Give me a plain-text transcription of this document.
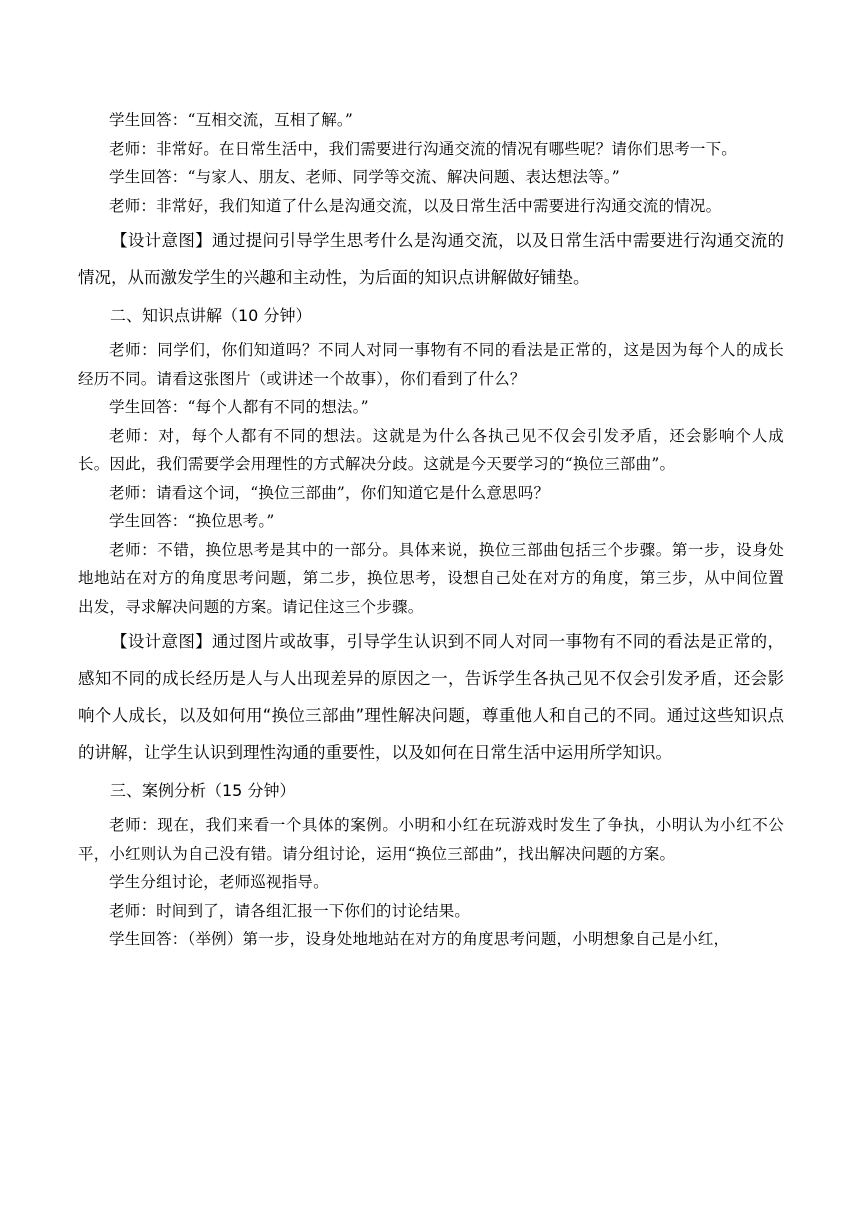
学生回答：“互相交流，互相了解。”

老师：非常好。在日常生活中，我们需要进行沟通交流的情况有哪些呢？请你们思考一下。

学生回答：“与家人、朋友、老师、同学等交流、解决问题、表达想法等。”

老师：非常好，我们知道了什么是沟通交流，以及日常生活中需要进行沟通交流的情况。

【设计意图】通过提问引导学生思考什么是沟通交流，以及日常生活中需要进行沟通交流的情况，从而激发学生的兴趣和主动性，为后面的知识点讲解做好铺垫。

二、知识点讲解（10 分钟）

老师：同学们，你们知道吗？不同人对同一事物有不同的看法是正常的，这是因为每个人的成长经历不同。请看这张图片（或讲述一个故事），你们看到了什么？

学生回答：“每个人都有不同的想法。”

老师：对，每个人都有不同的想法。这就是为什么各执己见不仅会引发矛盾，还会影响个人成长。因此，我们需要学会用理性的方式解决分歧。这就是今天要学习的“换位三部曲”。

老师：请看这个词，“换位三部曲”，你们知道它是什么意思吗？

学生回答：“换位思考。”

老师：不错，换位思考是其中的一部分。具体来说，换位三部曲包括三个步骤。第一步，设身处地地站在对方的角度思考问题，第二步，换位思考，设想自己处在对方的角度，第三步，从中间位置出发，寻求解决问题的方案。请记住这三个步骤。

【设计意图】通过图片或故事，引导学生认识到不同人对同一事物有不同的看法是正常的，感知不同的成长经历是人与人出现差异的原因之一，告诉学生各执己见不仅会引发矛盾，还会影响个人成长，以及如何用“换位三部曲”理性解决问题，尊重他人和自己的不同。通过这些知识点的讲解，让学生认识到理性沟通的重要性，以及如何在日常生活中运用所学知识。

三、案例分析（15 分钟）

老师：现在，我们来看一个具体的案例。小明和小红在玩游戏时发生了争执，小明认为小红不公平，小红则认为自己没有错。请分组讨论，运用“换位三部曲”，找出解决问题的方案。

学生分组讨论，老师巡视指导。

老师：时间到了，请各组汇报一下你们的讨论结果。

学生回答：（举例）第一步，设身处地地站在对方的角度思考问题，小明想象自己是小红，
